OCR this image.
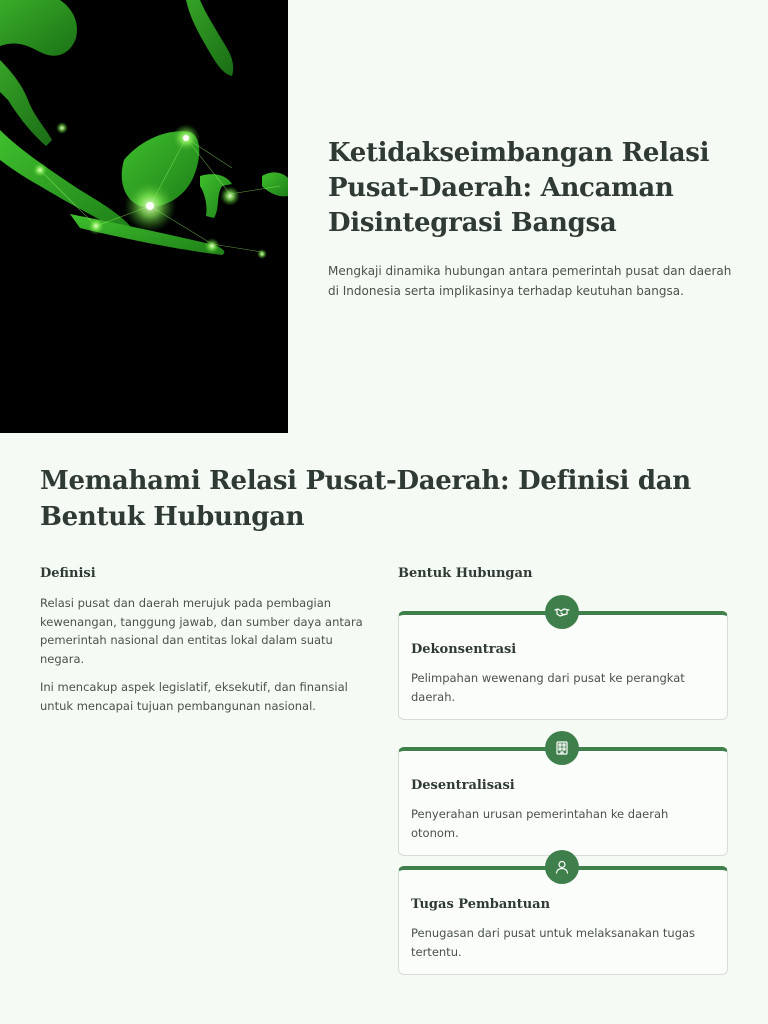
Ketidakseimbangan Relasi Pusat-Daerah: Ancaman Disintegrasi Bangsa

Mengkaji dinamika hubungan antara pemerintah pusat dan daerah di Indonesia serta implikasinya terhadap keutuhan bangsa.

Memahami Relasi Pusat-Daerah: Definisi dan Bentuk Hubungan
Definisi

Relasi pusat dan daerah merujuk pada pembagian kewenangan, tanggung jawab, dan sumber daya antara pemerintah nasional dan entitas lokal dalam suatu negara.

Ini mencakup aspek legislatif, eksekutif, dan finansial untuk mencapai tujuan pembangunan nasional.

Bentuk Hubungan
Dekonsentrasi

Pelimpahan wewenang dari pusat ke perangkat daerah.

Desentralisasi

Penyerahan urusan pemerintahan ke daerah otonom.

Tugas Pembantuan

Penugasan dari pusat untuk melaksanakan tugas tertentu.
